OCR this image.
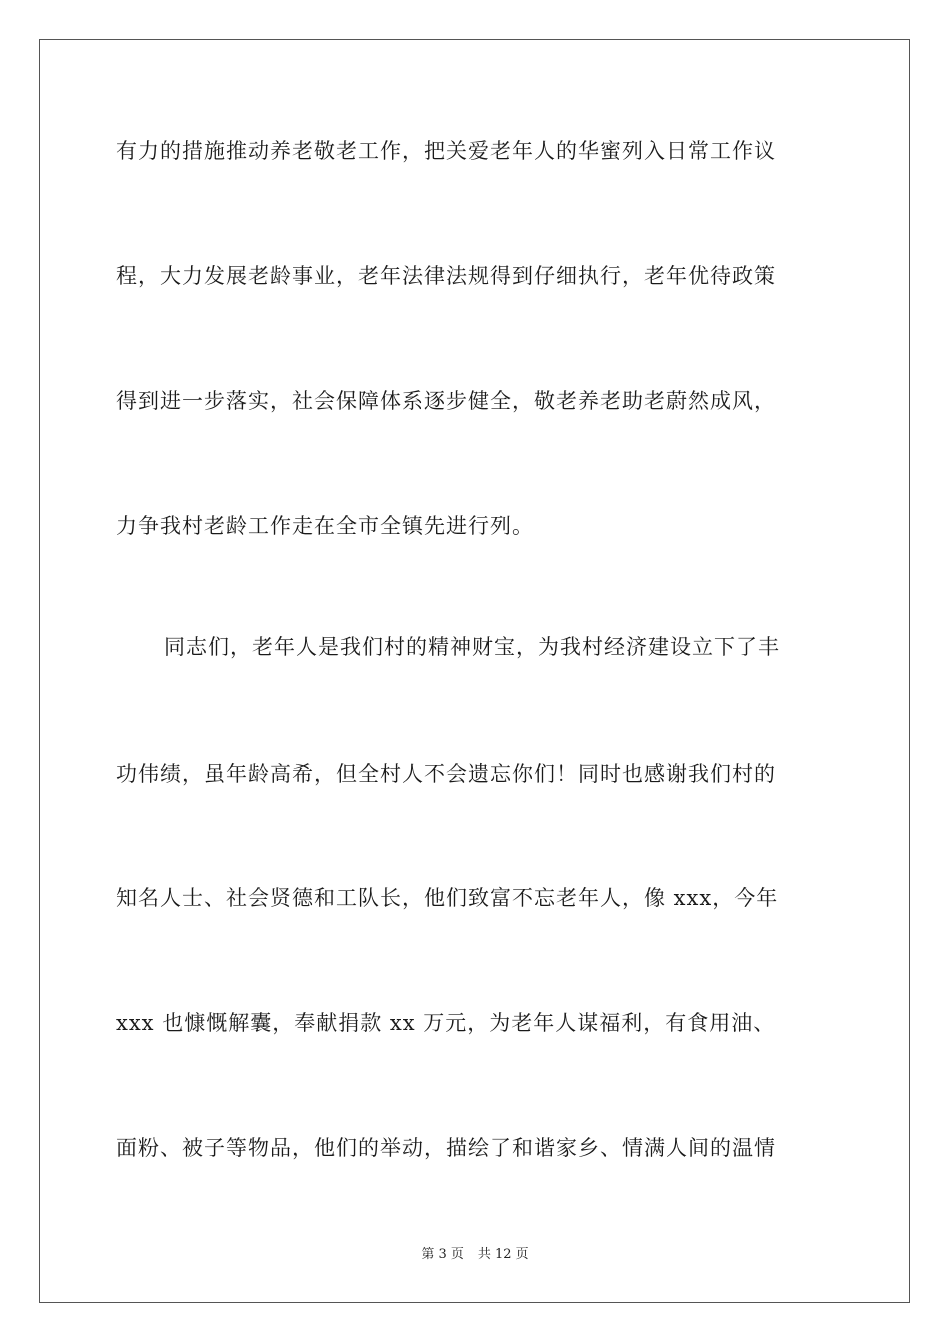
有力的措施推动养老敬老工作，把关爱老年人的华蜜列入日常工作议
程，大力发展老龄事业，老年法律法规得到仔细执行，老年优待政策
得到进一步落实，社会保障体系逐步健全，敬老养老助老蔚然成风，
力争我村老龄工作走在全市全镇先进行列。
同志们，老年人是我们村的精神财宝，为我村经济建设立下了丰
功伟绩，虽年龄高希，但全村人不会遗忘你们！同时也感谢我们村的
知名人士、社会贤德和工队长，他们致富不忘老年人，像 xxx，今年
xxx 也慷慨解囊，奉献捐款 xx 万元，为老年人谋福利，有食用油、
面粉、被子等物品，他们的举动，描绘了和谐家乡、情满人间的温情
第 3 页 共 12 页
